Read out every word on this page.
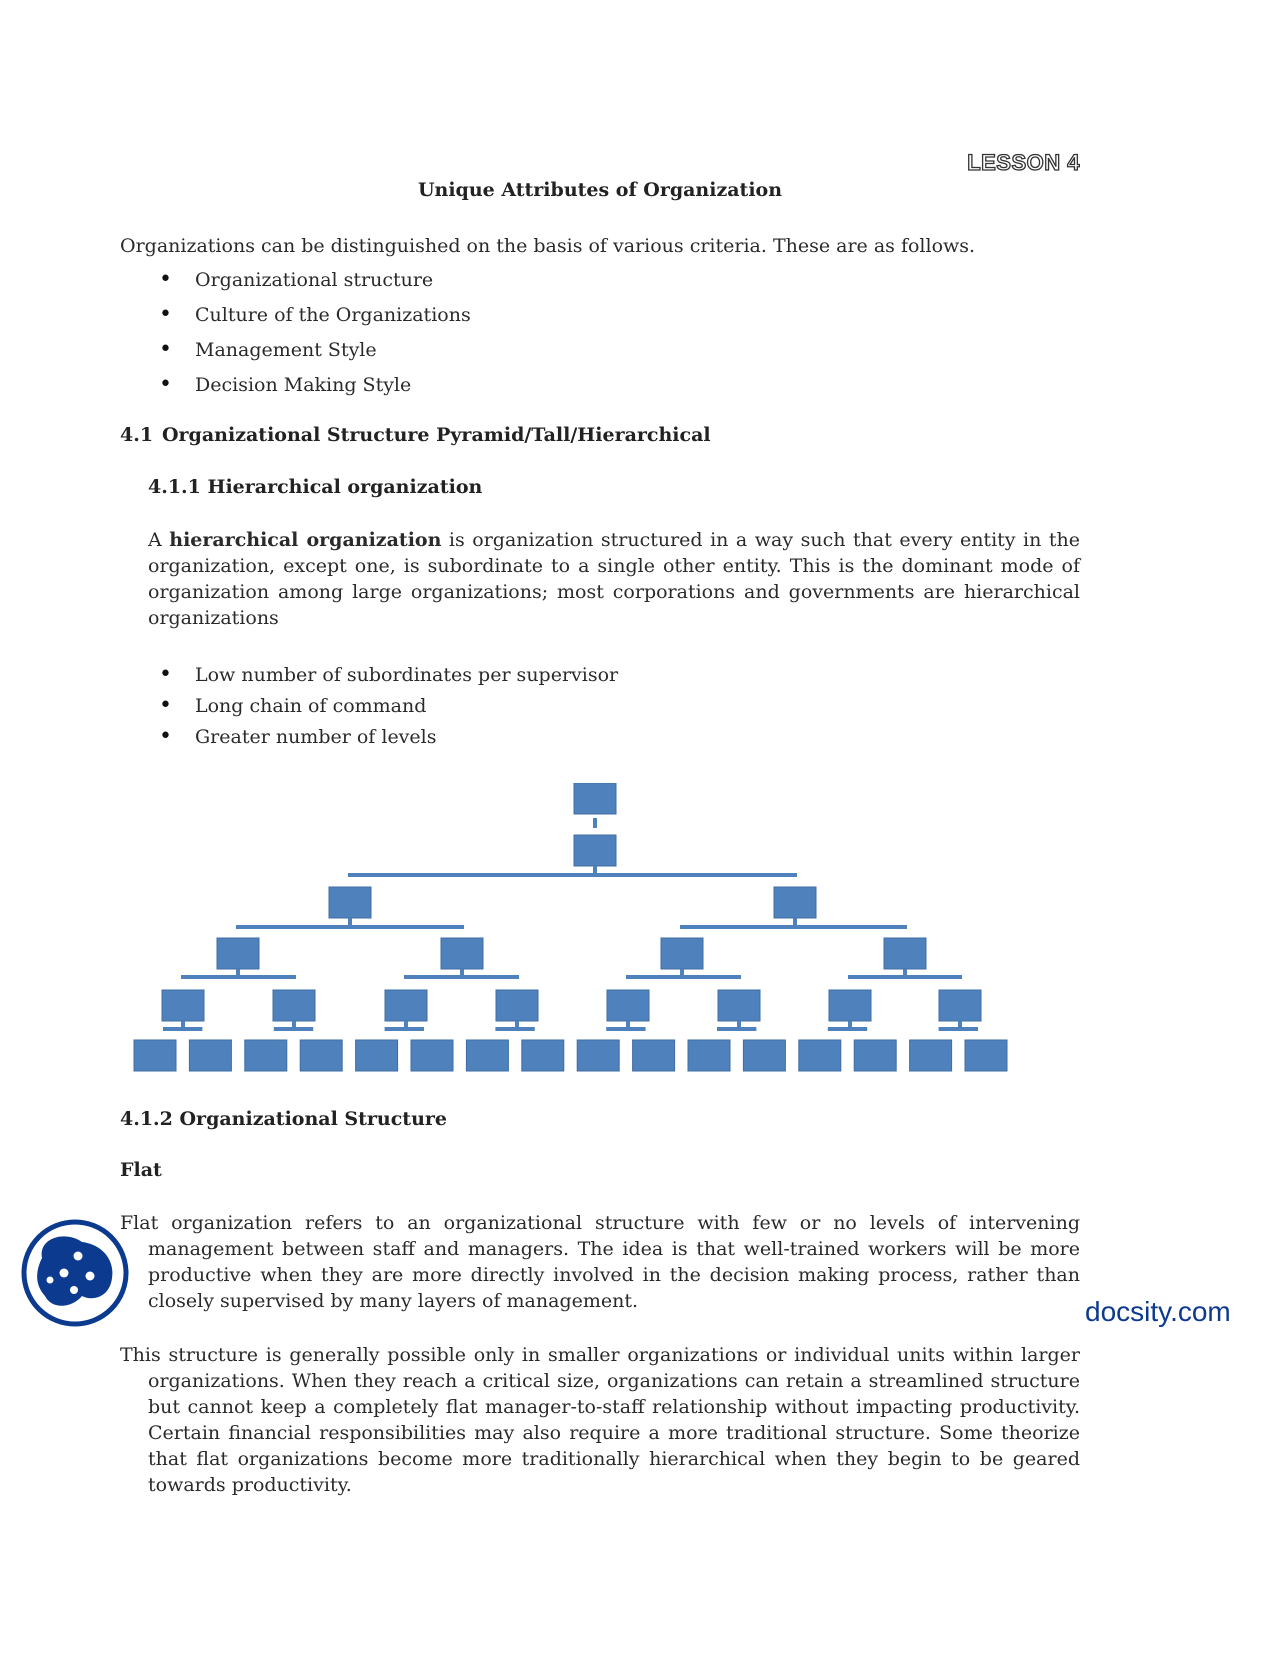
LESSON 4
Unique Attributes of Organization
Organizations can be distinguished on the basis of various criteria. These are as follows.
• Organizational structure
• Culture of the Organizations
• Management Style
• Decision Making Style
4.1 Organizational Structure Pyramid/Tall/Hierarchical
4.1.1 Hierarchical organization
A hierarchical organization is organization structured in a way such that every entity in the organization, except one, is subordinate to a single other entity. This is the dominant mode of organization among large organizations; most corporations and governments are hierarchical organizations
• Low number of subordinates per supervisor
• Long chain of command
• Greater number of levels
4.1.2 Organizational Structure
Flat
Flat organization refers to an organizational structure with few or no levels of intervening management between staff and managers. The idea is that well-trained workers will be more productive when they are more directly involved in the decision making process, rather than closely supervised by many layers of management.
This structure is generally possible only in smaller organizations or individual units within larger organizations. When they reach a critical size, organizations can retain a streamlined structure but cannot keep a completely flat manager-to-staff relationship without impacting productivity. Certain financial responsibilities may also require a more traditional structure. Some theorize that flat organizations become more traditionally hierarchical when they begin to be geared towards productivity.
docsity.com
